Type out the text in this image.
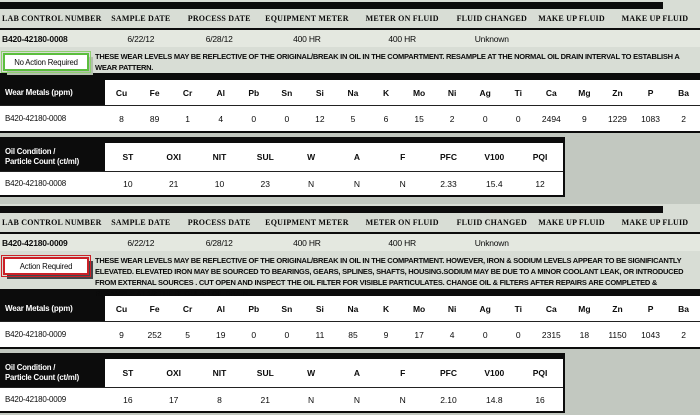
LAB CONTROL NUMBER	SAMPLE DATE	PROCESS DATE	EQUIPMENT METER	METER ON FLUID	FLUID CHANGED	MAKE UP FLUID	MAKE UP FLUID
B420-42180-0008	6/22/12	6/28/12	400 HR	400 HR	Unknown
No Action Required
THESE WEAR LEVELS MAY BE REFLECTIVE OF THE ORIGINAL/BREAK IN OIL IN THE COMPARTMENT. RESAMPLE AT THE NORMAL OIL DRAIN INTERVAL TO ESTABLISH A WEAR PATTERN.
Wear Metals (ppm)	Cu	Fe	Cr	Al	Pb	Sn	Si	Na	K	Mo	Ni	Ag	Ti	Ca	Mg	Zn	P	Ba
B420-42180-0008	8	89	1	4	0	0	12	5	6	15	2	0	0	2494	9	1229	1083	2
Oil Condition /
Particle Count (ct/ml)	ST	OXI	NIT	SUL	W	A	F	PFC	V100	PQI
B420-42180-0008	10	21	10	23	N	N	N	2.33	15.4	12
LAB CONTROL NUMBER	SAMPLE DATE	PROCESS DATE	EQUIPMENT METER	METER ON FLUID	FLUID CHANGED	MAKE UP FLUID	MAKE UP FLUID
B420-42180-0009	6/22/12	6/28/12	400 HR	400 HR	Unknown
Action Required
THESE WEAR LEVELS MAY BE REFLECTIVE OF THE ORIGINAL/BREAK IN OIL IN THE COMPARTMENT. HOWEVER, IRON & SODIUM LEVELS APPEAR TO BE SIGNIFICANTLY ELEVATED. ELEVATED IRON MAY BE SOURCED TO BEARINGS, GEARS, SPLINES, SHAFTS, HOUSING.SODIUM MAY BE DUE TO A MINOR COOLANT LEAK, OR INTRODUCED FROM EXTERNAL SOURCES . CUT OPEN AND INSPECT THE OIL FILTER FOR VISIBLE PARTICULATES. CHANGE OIL & FILTERS AFTER REPAIRS ARE COMPLETED & RESAMPLE AT 1/2 THE REGULAR OIL DRAIN.
Wear Metals (ppm)	Cu	Fe	Cr	Al	Pb	Sn	Si	Na	K	Mo	Ni	Ag	Ti	Ca	Mg	Zn	P	Ba
B420-42180-0009	9	252	5	19	0	0	11	85	9	17	4	0	0	2315	18	1150	1043	2
Oil Condition /
Particle Count (ct/ml)	ST	OXI	NIT	SUL	W	A	F	PFC	V100	PQI
B420-42180-0009	16	17	8	21	N	N	N	2.10	14.8	16
